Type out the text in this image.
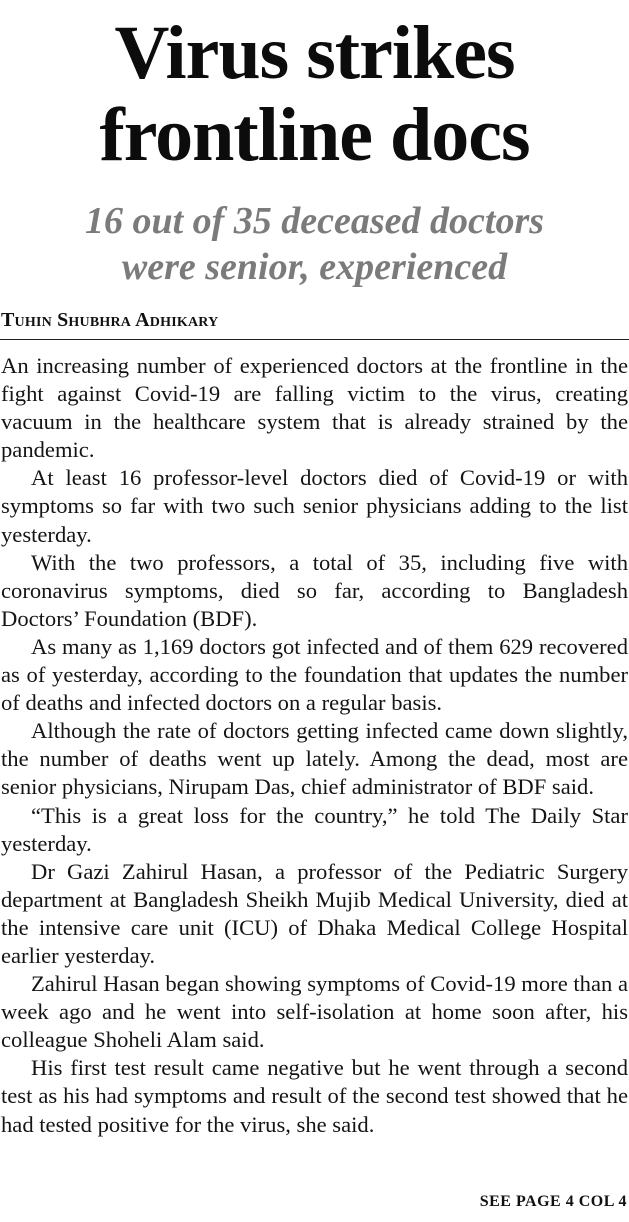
Virus strikes
frontline docs
16 out of 35 deceased doctors
were senior, experienced
Tuhin Shubhra Adhikary

An increasing number of experienced doctors at the frontline in the fight against Covid-19 are falling victim to the virus, creating vacuum in the healthcare system that is already strained by the pandemic.

At least 16 professor-level doctors died of Covid-19 or with symptoms so far with two such senior physicians adding to the list yesterday.

With the two professors, a total of 35, including five with coronavirus symptoms, died so far, according to Bangladesh Doctors’ Foundation (BDF).

As many as 1,169 doctors got infected and of them 629 recovered as of yesterday, according to the foundation that updates the number of deaths and infected doctors on a regular basis.

Although the rate of doctors getting infected came down slightly, the number of deaths went up lately. Among the dead, most are senior physicians, Nirupam Das, chief administrator of BDF said.

“This is a great loss for the country,” he told The Daily Star yesterday.

Dr Gazi Zahirul Hasan, a professor of the Pediatric Surgery department at Bangladesh Sheikh Mujib Medical University, died at the intensive care unit (ICU) of Dhaka Medical College Hospital earlier yesterday.

Zahirul Hasan began showing symptoms of Covid-19 more than a week ago and he went into self-isolation at home soon after, his colleague Shoheli Alam said.

His first test result came negative but he went through a second test as his had symptoms and result of the second test showed that he had tested positive for the virus, she said.

SEE PAGE 4 COL 4
